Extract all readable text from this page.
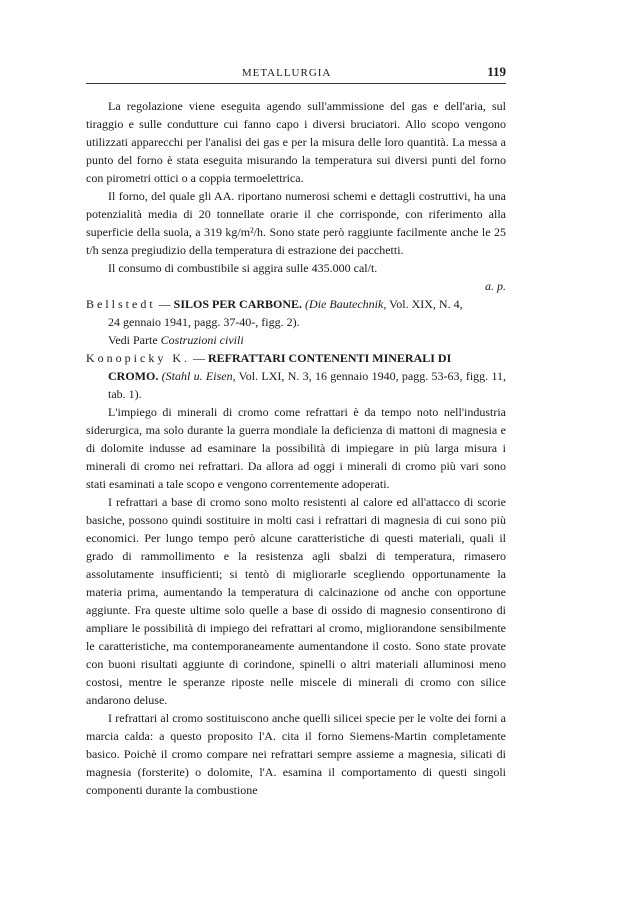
METALLURGIA	119

La regolazione viene eseguita agendo sull'ammissione del gas e dell'aria, sul tiraggio e sulle condutture cui fanno capo i diversi bruciatori. Allo scopo vengono utilizzati apparecchi per l'analisi dei gas e per la misura delle loro quantità. La messa a punto del forno è stata eseguita misurando la temperatura sui diversi punti del forno con pirometri ottici o a coppia termoelettrica.

Il forno, del quale gli AA. riportano numerosi schemi e dettagli costruttivi, ha una potenzialità media di 20 tonnellate orarie il che corrisponde, con riferimento alla superficie della suola, a 319 kg/m²/h. Sono state però raggiunte facilmente anche le 25 t/h senza pregiudizio della temperatura di estrazione dei pacchetti.

Il consumo di combustibile si aggira sulle 435.000 cal/t.

a. p.

Bellstedt — SILOS PER CARBONE. (Die Bautechnik, Vol. XIX, N. 4,
24 gennaio 1941, pagg. 37-40-, figg. 2).

Vedi Parte Costruzioni civili

Konopicky K. — REFRATTARI CONTENENTI MINERALI DI
CROMO. (Stahl u. Eisen, Vol. LXI, N. 3, 16 gennaio 1940, pagg. 53-63, figg. 11, tab. 1).

L'impiego di minerali di cromo come refrattari è da tempo noto nell'industria siderurgica, ma solo durante la guerra mondiale la deficienza di mattoni di magnesia e di dolomite indusse ad esaminare la possibilità di impiegare in più larga misura i minerali di cromo nei refrattari. Da allora ad oggi i minerali di cromo più vari sono stati esaminati a tale scopo e vengono correntemente adoperati.

I refrattari a base di cromo sono molto resistenti al calore ed all'attacco di scorie basiche, possono quindi sostituire in molti casi i refrattari di magnesia di cui sono più economici. Per lungo tempo però alcune caratteristiche di questi materiali, quali il grado di rammollimento e la resistenza agli sbalzi di temperatura, rimasero assolutamente insufficienti; si tentò di migliorarle scegliendo opportunamente la materia prima, aumentando la temperatura di calcinazione od anche con opportune aggiunte. Fra queste ultime solo quelle a base di ossido di magnesio consentirono di ampliare le possibilità di impiego dei refrattari al cromo, migliorandone sensibilmente le caratteristiche, ma contemporaneamente aumentandone il costo. Sono state provate con buoni risultati aggiunte di corindone, spinelli o altri materiali alluminosi meno costosi, mentre le speranze riposte nelle miscele di minerali di cromo con silice andarono deluse.

I refrattari al cromo sostituiscono anche quelli silicei specie per le volte dei forni a marcia calda: a questo proposito l'A. cita il forno Siemens-Martin completamente basico. Poichè il cromo compare nei refrattari sempre assieme a magnesia, silicati di magnesia (forsterite) o dolomite, l'A. esamina il comportamento di questi singoli componenti durante la combustione
